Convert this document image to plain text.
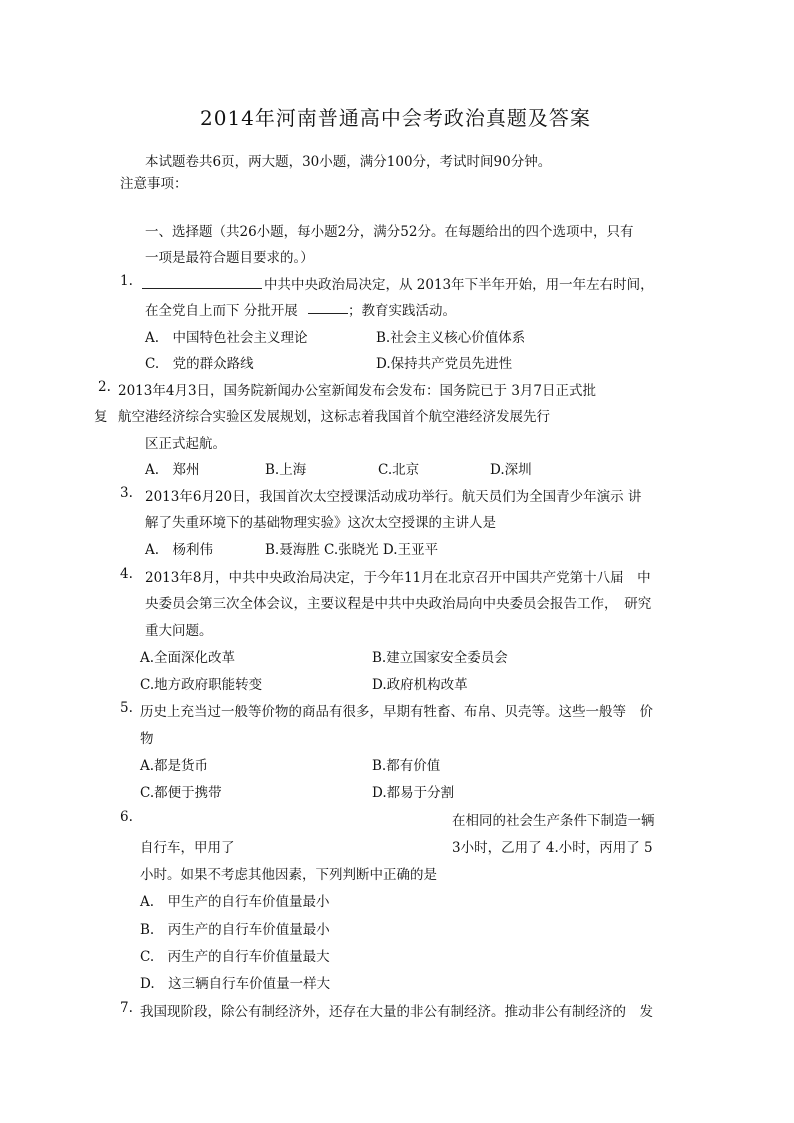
2014年河南普通高中会考政治真题及答案
本试题卷共6页，两大题，30小题，满分100分，考试时间90分钟。
注意事项：
一、选择题（共26小题，每小题2分，满分52分。在每题给出的四个选项中，只有
一项是最符合题目要求的。）
1.	中共中央政治局决定，从 2013年下半年开始，用一年左右时间，
在全党自上而下 分批开展	；教育实践活动。
A.　中国特色社会主义理论	B.社会主义核心价值体系
C.　党的群众路线	D.保持共产党员先进性
2. 2013年4月3日，国务院新闻办公室新闻发布会发布：国务院已于 3月7日正式批
复 航空港经济综合实验区发展规划，这标志着我国首个航空港经济发展先行
区正式起航。
A.　郑州	B.上海	C.北京	D.深圳
3. 2013年6月20日，我国首次太空授课活动成功举行。航天员们为全国青少年演示 讲
解了失重环境下的基础物理实验》这次太空授课的主讲人是
A.　杨利伟	B.聂海胜 C.张晓光 D.王亚平
4. 2013年8月，中共中央政治局决定，于今年11月在北京召开中国共产党第十八届　中
央委员会第三次全体会议，主要议程是中共中央政治局向中央委员会报告工作，　研究
重大问题。
A.全面深化改革	B.建立国家安全委员会
C.地方政府职能转变	D.政府机构改革
5. 历史上充当过一般等价物的商品有很多，早期有牲畜、布帛、贝壳等。这些一般等　价
物
A.都是货币	B.都有价值
C.都便于携带	D.都易于分割
6.	在相同的社会生产条件下制造一辆
自行车，甲用了	3小时，乙用了 4.小时，丙用了 5
小时。如果不考虑其他因素，下列判断中正确的是
A.　甲生产的自行车价值量最小
B.　丙生产的自行车价值量最小
C.　丙生产的自行车价值量最大
D.　这三辆自行车价值量一样大
7. 我国现阶段，除公有制经济外，还存在大量的非公有制经济。推动非公有制经济的　发
